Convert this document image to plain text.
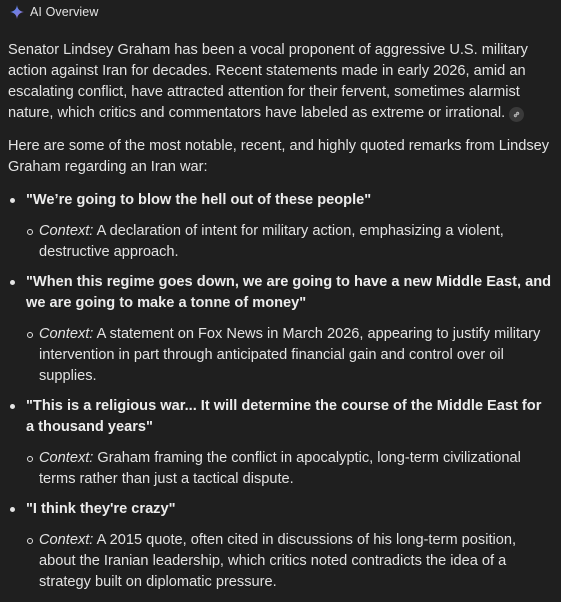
AI Overview

Senator Lindsey Graham has been a vocal proponent of aggressive U.S. military action against Iran for decades. Recent statements made in early 2026, amid an escalating conflict, have attracted attention for their fervent, sometimes alarmist nature, which critics and commentators have labeled as extreme or irrational.

Here are some of the most notable, recent, and highly quoted remarks from Lindsey Graham regarding an Iran war:

"We’re going to blow the hell out of these people"
Context: A declaration of intent for military action, emphasizing a violent, destructive approach.
"When this regime goes down, we are going to have a new Middle East, and we are going to make a tonne of money"
Context: A statement on Fox News in March 2026, appearing to justify military intervention in part through anticipated financial gain and control over oil supplies.
"This is a religious war... It will determine the course of the Middle East for a thousand years"
Context: Graham framing the conflict in apocalyptic, long-term civilizational terms rather than just a tactical dispute.
"I think they're crazy"
Context: A 2015 quote, often cited in discussions of his long-term position, about the Iranian leadership, which critics noted contradicts the idea of a strategy built on diplomatic pressure.
